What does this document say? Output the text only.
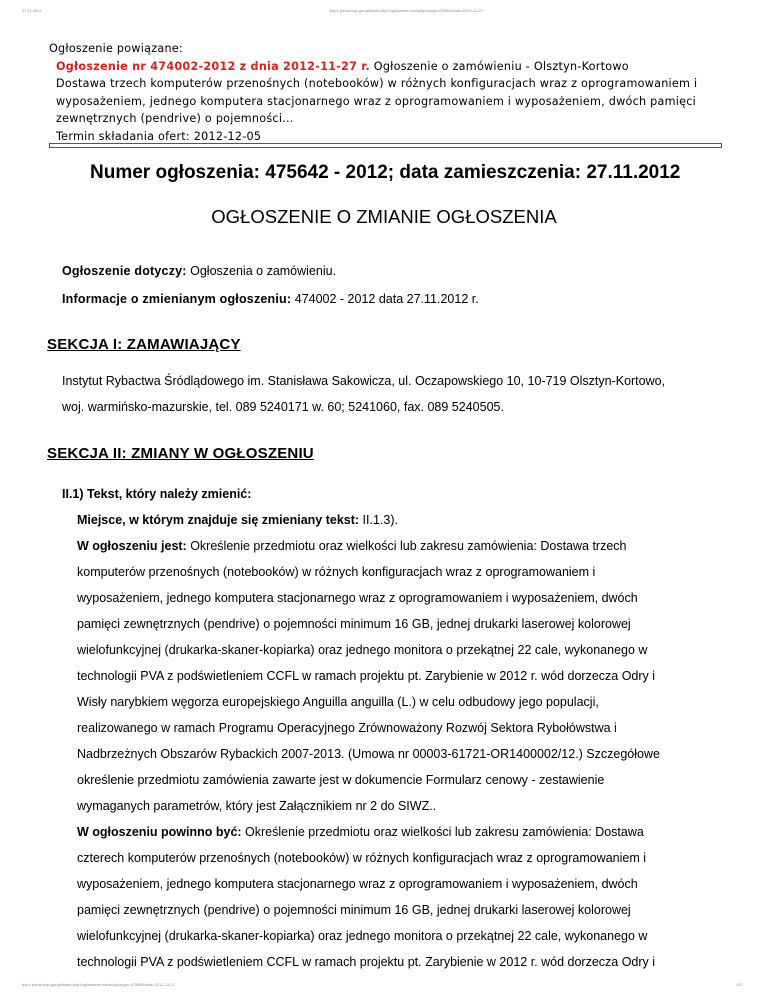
27.11.2012	bzp1.portal.uzp.gov.pl/index.php?ogloszenie=show&pozycja=475642&rok=2012-11-27
bzp1.portal.uzp.gov.pl/index.php?ogloszenie=show&pozycja=475642&rok=2012-11-27	1/2
Ogłoszenie powiązane:
Ogłoszenie nr 474002-2012 z dnia 2012-11-27 r. Ogłoszenie o zamówieniu - Olsztyn-Kortowo
Dostawa trzech komputerów przenośnych (notebooków) w różnych konfiguracjach wraz z oprogramowaniem i
wyposażeniem, jednego komputera stacjonarnego wraz z oprogramowaniem i wyposażeniem, dwóch pamięci
zewnętrznych (pendrive) o pojemności...
Termin składania ofert: 2012-12-05
Numer ogłoszenia: 475642 - 2012; data zamieszczenia: 27.11.2012
OGŁOSZENIE O ZMIANIE OGŁOSZENIA
Ogłoszenie dotyczy: Ogłoszenia o zamówieniu.
Informacje o zmienianym ogłoszeniu: 474002 - 2012 data 27.11.2012 r.
SEKCJA I: ZAMAWIAJĄCY
Instytut Rybactwa Śródlądowego im. Stanisława Sakowicza, ul. Oczapowskiego 10, 10-719 Olsztyn-Kortowo,
woj. warmińsko-mazurskie, tel. 089 5240171 w. 60; 5241060, fax. 089 5240505.
SEKCJA II: ZMIANY W OGŁOSZENIU
II.1) Tekst, który należy zmienić:
Miejsce, w którym znajduje się zmieniany tekst: II.1.3).
W ogłoszeniu jest: Określenie przedmiotu oraz wielkości lub zakresu zamówienia: Dostawa trzech
komputerów przenośnych (notebooków) w różnych konfiguracjach wraz z oprogramowaniem i
wyposażeniem, jednego komputera stacjonarnego wraz z oprogramowaniem i wyposażeniem, dwóch
pamięci zewnętrznych (pendrive) o pojemności minimum 16 GB, jednej drukarki laserowej kolorowej
wielofunkcyjnej (drukarka-skaner-kopiarka) oraz jednego monitora o przekątnej 22 cale, wykonanego w
technologii PVA z podświetleniem CCFL w ramach projektu pt. Zarybienie w 2012 r. wód dorzecza Odry i
Wisły narybkiem węgorza europejskiego Anguilla anguilla (L.) w celu odbudowy jego populacji,
realizowanego w ramach Programu Operacyjnego Zrównoważony Rozwój Sektora Rybołówstwa i
Nadbrzeżnych Obszarów Rybackich 2007-2013. (Umowa nr 00003-61721-OR1400002/12.) Szczegółowe
określenie przedmiotu zamówienia zawarte jest w dokumencie Formularz cenowy - zestawienie
wymaganych parametrów, który jest Załącznikiem nr 2 do SIWZ..
W ogłoszeniu powinno być: Określenie przedmiotu oraz wielkości lub zakresu zamówienia: Dostawa
czterech komputerów przenośnych (notebooków) w różnych konfiguracjach wraz z oprogramowaniem i
wyposażeniem, jednego komputera stacjonarnego wraz z oprogramowaniem i wyposażeniem, dwóch
pamięci zewnętrznych (pendrive) o pojemności minimum 16 GB, jednej drukarki laserowej kolorowej
wielofunkcyjnej (drukarka-skaner-kopiarka) oraz jednego monitora o przekątnej 22 cale, wykonanego w
technologii PVA z podświetleniem CCFL w ramach projektu pt. Zarybienie w 2012 r. wód dorzecza Odry i
